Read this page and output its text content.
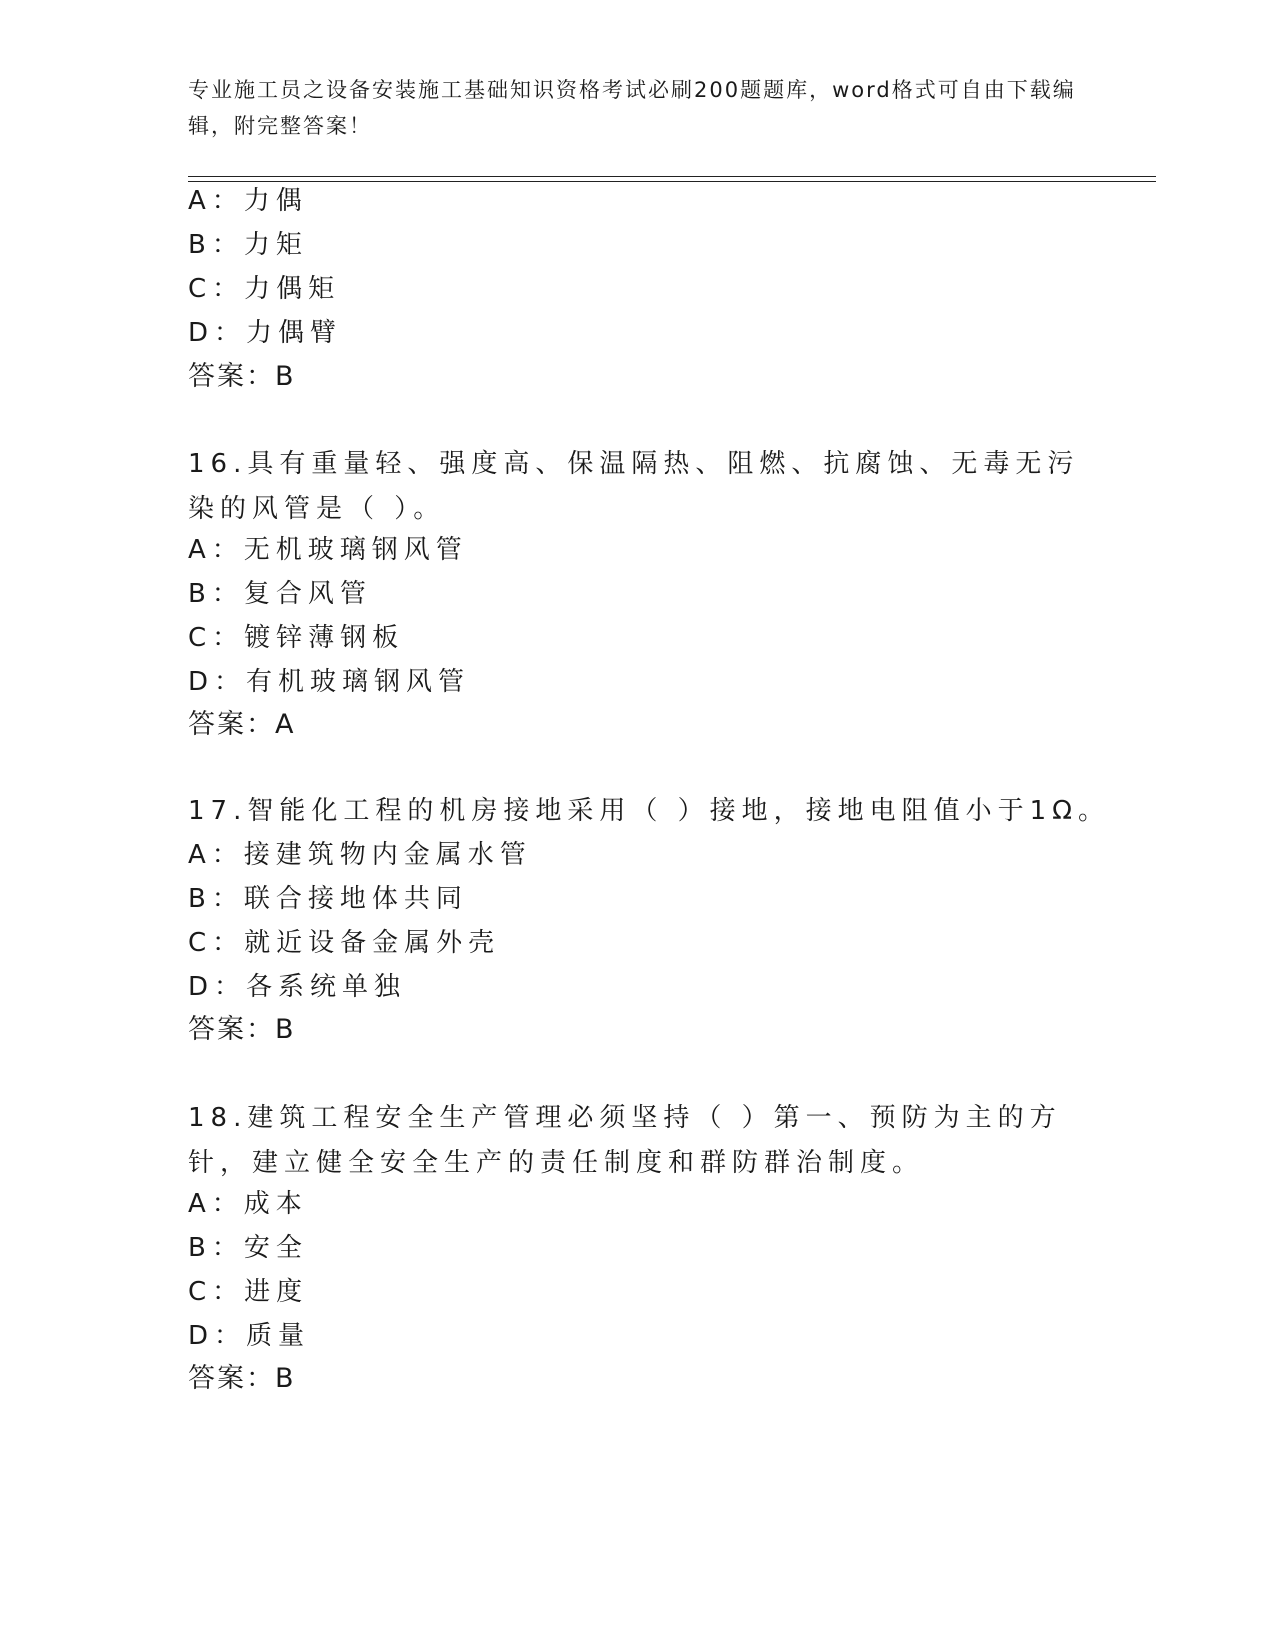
专业施工员之设备安装施工基础知识资格考试必刷200题题库，word格式可自由下载编辑，附完整答案！
A：力偶
B：力矩
C：力偶矩
D：力偶臂
答案：B
16.具有重量轻、强度高、保温隔热、阻燃、抗腐蚀、无毒无污染的风管是（ ）。
A：无机玻璃钢风管
B：复合风管
C：镀锌薄钢板
D：有机玻璃钢风管
答案：A
17.智能化工程的机房接地采用（ ）接地，接地电阻值小于1Ω。
A：接建筑物内金属水管
B：联合接地体共同
C：就近设备金属外壳
D：各系统单独
答案：B
18.建筑工程安全生产管理必须坚持（ ）第一、预防为主的方针，建立健全安全生产的责任制度和群防群治制度。
A：成本
B：安全
C：进度
D：质量
答案：B
